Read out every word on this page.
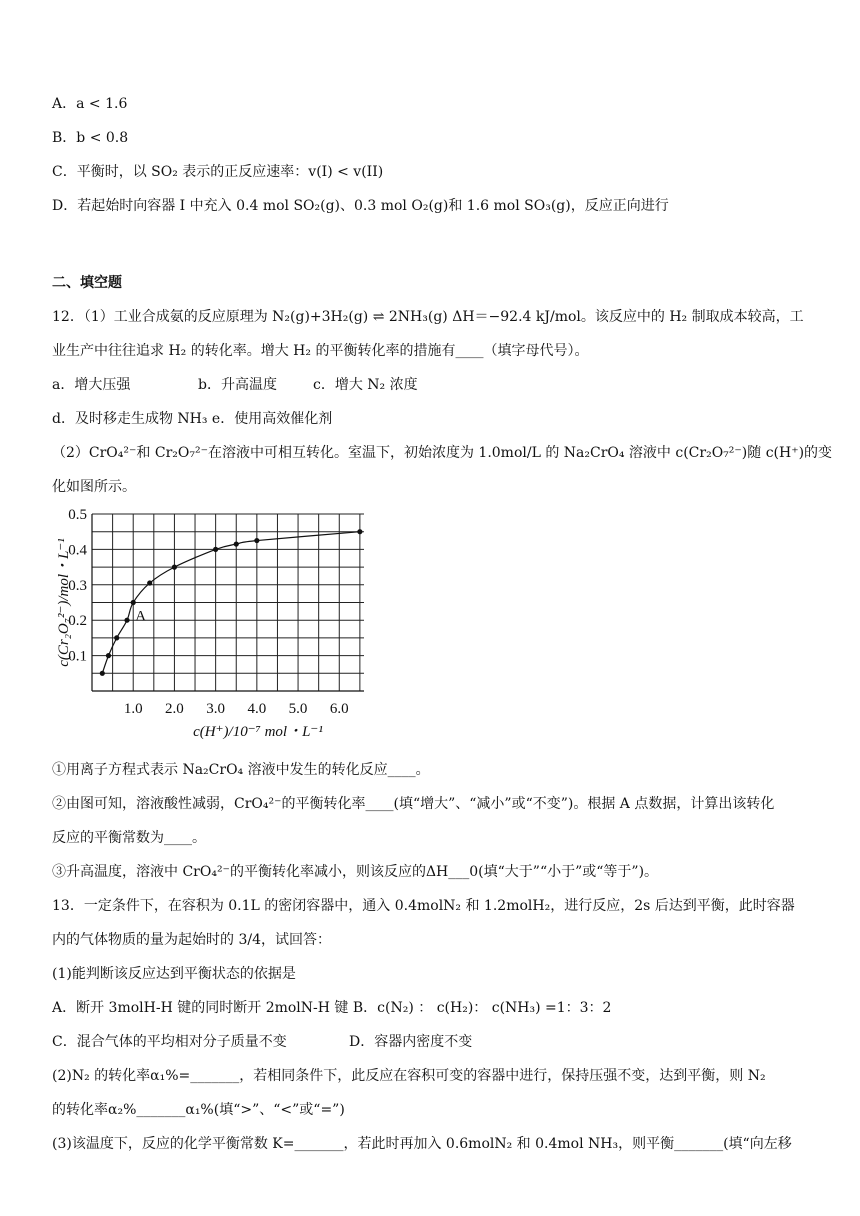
A．a < 1.6
B．b < 0.8
C．平衡时，以 SO₂ 表示的正反应速率：v(I) < v(II)
D．若起始时向容器 I 中充入 0.4 mol SO₂(g)、0.3 mol O₂(g)和 1.6 mol SO₃(g)，反应正向进行
二、填空题
12．（1）工业合成氨的反应原理为 N₂(g)+3H₂(g) ⇌ 2NH₃(g) ΔH＝−92.4 kJ/mol。该反应中的 H₂ 制取成本较高，工
业生产中往往追求 H₂ 的转化率。增大 H₂ 的平衡转化率的措施有____（填字母代号）。
a．增大压强	b．升高温度	c．增大 N₂ 浓度
d．及时移走生成物 NH₃ e．使用高效催化剂
（2）CrO₄²⁻和 Cr₂O₇²⁻在溶液中可相互转化。室温下，初始浓度为 1.0mol/L 的 Na₂CrO₄ 溶液中 c(Cr₂O₇²⁻)随 c(H⁺)的变
化如图所示。
1.0 2.0 3.0 4.0 5.0 6.0
0.1
0.2
0.3
0.4
0.5
A
c(H⁺)/10⁻⁷ mol・L⁻¹
c(Cr₂O₇²⁻)/mol・L⁻¹
①用离子方程式表示 Na₂CrO₄ 溶液中发生的转化反应____。
②由图可知，溶液酸性减弱，CrO₄²⁻的平衡转化率____(填“增大”、“减小”或“不变”)。根据 A 点数据，计算出该转化
反应的平衡常数为____。
③升高温度，溶液中 CrO₄²⁻的平衡转化率减小，则该反应的ΔH___0(填“大于”“小于”或“等于”)。
13．一定条件下，在容积为 0.1L 的密闭容器中，通入 0.4molN₂ 和 1.2molH₂，进行反应，2s 后达到平衡，此时容器
内的气体物质的量为起始时的 3/4，试回答：
(1)能判断该反应达到平衡状态的依据是
A．断开 3molH-H 键的同时断开 2molN-H 键 B．c(N₂) ： c(H₂)： c(NH₃) =1：3：2
C．混合气体的平均相对分子质量不变	D．容器内密度不变
(2)N₂ 的转化率α₁%=_______，若相同条件下，此反应在容积可变的容器中进行，保持压强不变，达到平衡，则 N₂
的转化率α₂%_______α₁%(填“>”、“<”或“=”)
(3)该温度下，反应的化学平衡常数 K=_______，若此时再加入 0.6molN₂ 和 0.4mol NH₃，则平衡_______(填“向左移
